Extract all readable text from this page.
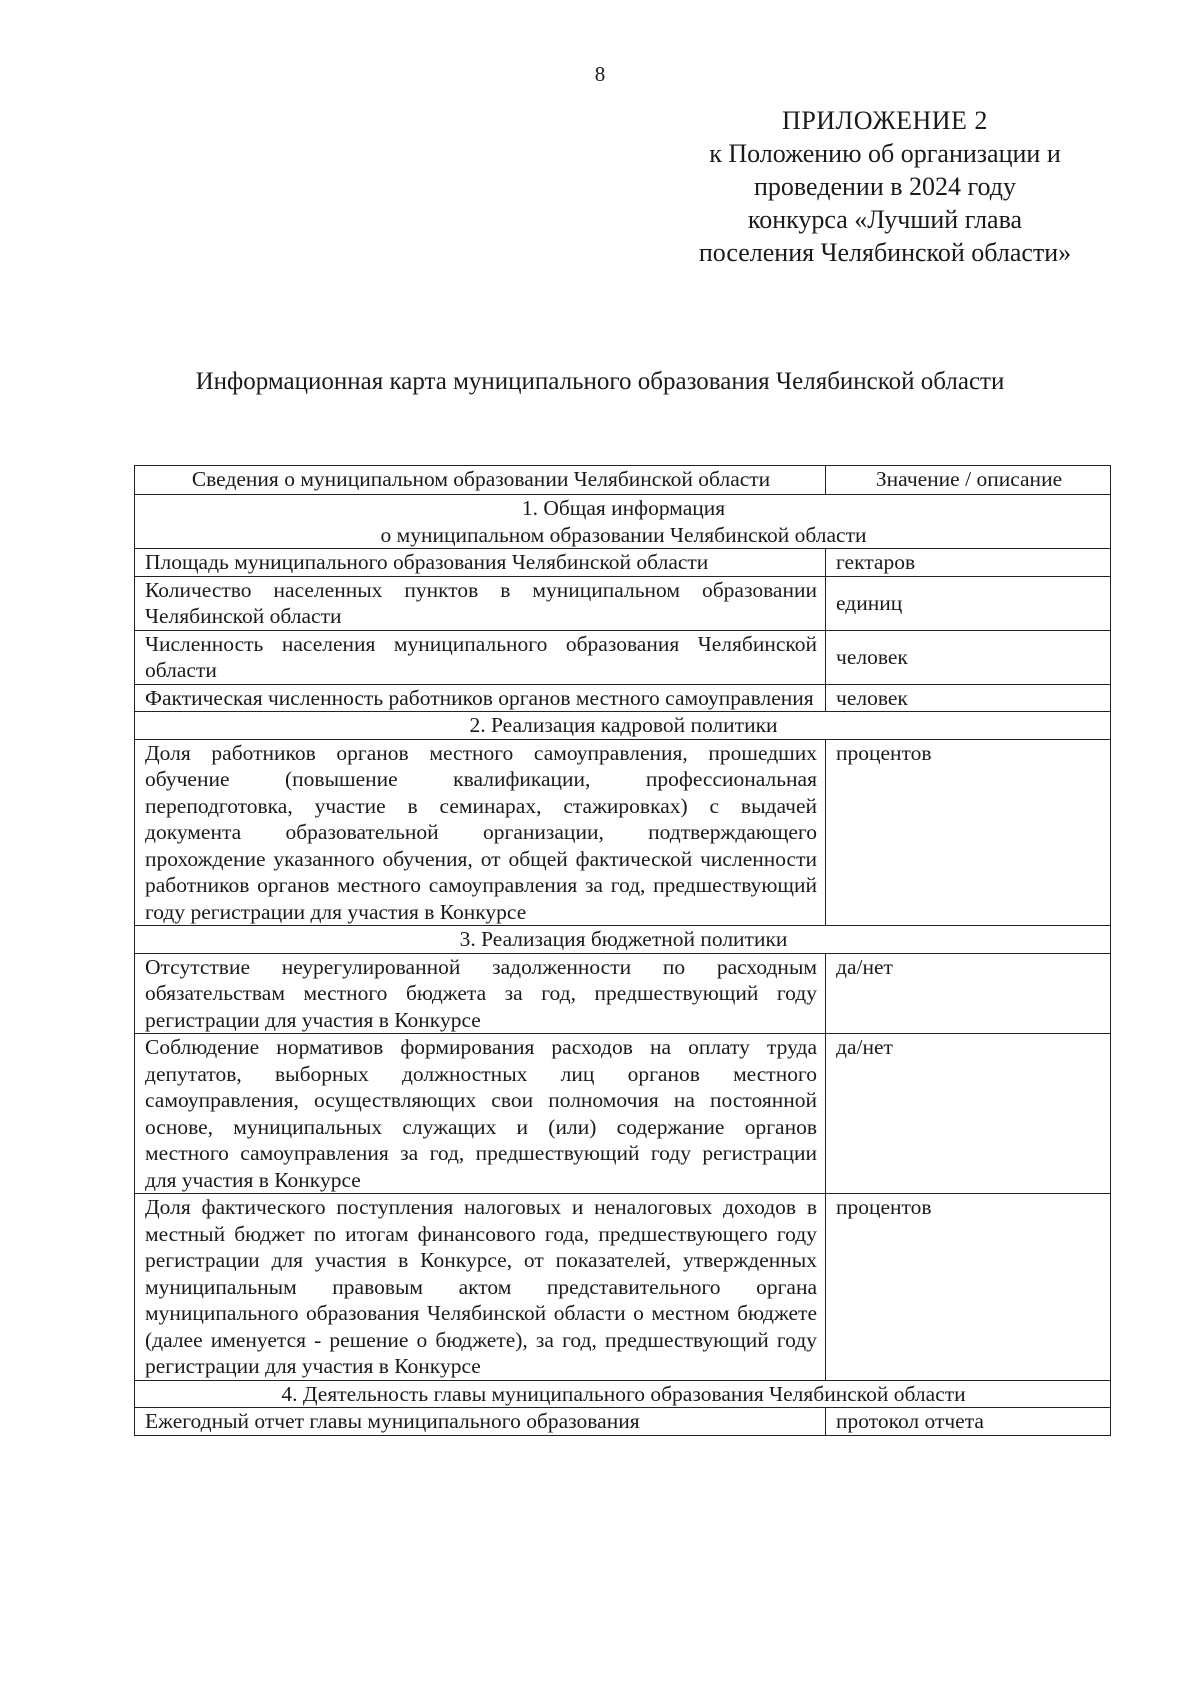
8
ПРИЛОЖЕНИЕ 2
к Положению об организации и
проведении в 2024 году
конкурса «Лучший глава
поселения Челябинской области»
Информационная карта муниципального образования Челябинской области
Сведения о муниципальном образовании Челябинской области	Значение / описание

1. Общая информация
о муниципальном образовании Челябинской области	

Площадь муниципального образования Челябинской области	гектаров
Количество населенных пунктов в муниципальном образовании Челябинской области	единиц
Численность населения муниципального образования Челябинской области	человек
Фактическая численность работников органов местного самоуправления	человек
2. Реализация кадровой политики	
Доля работников органов местного самоуправления, прошедших обучение (повышение квалификации, профессиональная переподготовка, участие в семинарах, стажировках) с выдачей документа образовательной организации, подтверждающего прохождение указанного обучения, от общей фактической численности работников органов местного самоуправления за год, предшествующий году регистрации для участия в Конкурсе	процентов
3. Реализация бюджетной политики	
Отсутствие неурегулированной задолженности по расходным обязательствам местного бюджета за год, предшествующий году регистрации для участия в Конкурсе	да/нет
Соблюдение нормативов формирования расходов на оплату труда депутатов, выборных должностных лиц органов местного самоуправления, осуществляющих свои полномочия на постоянной основе, муниципальных служащих и (или) содержание органов местного самоуправления за год, предшествующий году регистрации для участия в Конкурсе	да/нет
Доля фактического поступления налоговых и неналоговых доходов в местный бюджет по итогам финансового года, предшествующего году регистрации для участия в Конкурсе, от показателей, утвержденных муниципальным правовым актом представительного органа муниципального образования Челябинской области о местном бюджете (далее именуется - решение о бюджете), за год, предшествующий году регистрации для участия в Конкурсе	процентов
4. Деятельность главы муниципального образования Челябинской области	
Ежегодный отчет главы муниципального образования	протокол отчета
